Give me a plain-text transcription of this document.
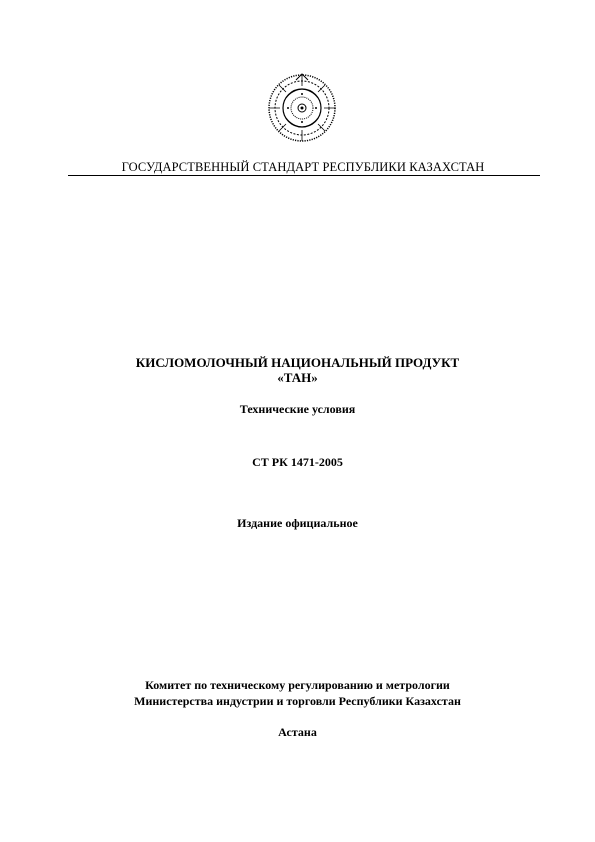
ГОСУДАРСТВЕННЫЙ СТАНДАРТ РЕСПУБЛИКИ КАЗАХСТАН
КИСЛОМОЛОЧНЫЙ НАЦИОНАЛЬНЫЙ ПРОДУКТ
«ТАН»
Технические условия
СТ РК 1471-2005
Издание официальное
Комитет по техническому регулированию и метрологии
Министерства индустрии и торговли Республики Казахстан
Астана
